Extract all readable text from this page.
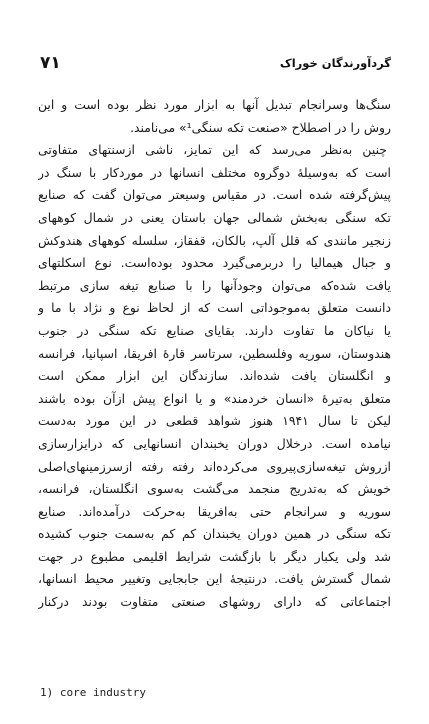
۷۱	گردآورندگان خوراک
سنگ‌ها وسرانجام تبدیل آنها به ابزار مورد نظر بوده است و این
روش را در اصطلاح «صنعت تکه سنگی¹» می‌نامند.
چنین به‌نظر می‌رسد که این تمایز، ناشی ازسنتهای متفاوتی
است که به‌وسیلهٔ دوگروه مختلف انسانها در موردکار با سنگ در
پیش‌گرفته شده است. در مقیاس وسیعتر می‌توان گفت که صنایع
تکه سنگی به‌بخش شمالی جهان باستان یعنی در شمال کوههای
زنجیر مانندی که قلل آلپ، بالکان، قفقاز، سلسله کوههای هندوکش
و جبال هیمالیا را دربرمی‌گیرد محدود بوده‌است. نوع اسکلتهای
یافت شده‌که می‌توان وجودآنها را با صنایع تیغه سازی مرتبط
دانست متعلق به‌موجوداتی است که از لحاظ نوع و نژاد با ما و
یا نیاکان ما تفاوت دارند. بقایای صنایع تکه سنگی در جنوب
هندوستان، سوریه وفلسطین، سرتاسر قارهٔ افریقا، اسپانیا، فرانسه
و انگلستان یافت شده‌اند. سازندگان این ابزار ممکن است
متعلق به‌تیرهٔ «انسان خردمند» و یا انواع پیش ازآن بوده باشند
لیکن تا سال ۱۹۴۱ هنوز شواهد قطعی در این مورد به‌دست
نیامده است. درخلال دوران یخبندان انسانهایی که درایزارسازی
ازروش تیغه‌سازی‌پیروی می‌کرده‌اند رفته رفته ازسرزمینهای‌اصلی
خویش که به‌تدریج منجمد می‌گشت به‌سوی انگلستان، فرانسه،
سوریه و سرانجام حتی به‌افریقا به‌حرکت درآمده‌اند. صنایع
تکه سنگی در همین دوران یخبندان کم کم به‌سمت جنوب کشیده
شد ولی یکبار دیگر با بازگشت شرایط اقلیمی مطبوع در جهت
شمال گسترش یافت. درنتیجهٔ این جابجایی وتغییر محیط انسانها،
اجتماعاتی که دارای روشهای صنعتی متفاوت بودند درکنار
1) core industry
